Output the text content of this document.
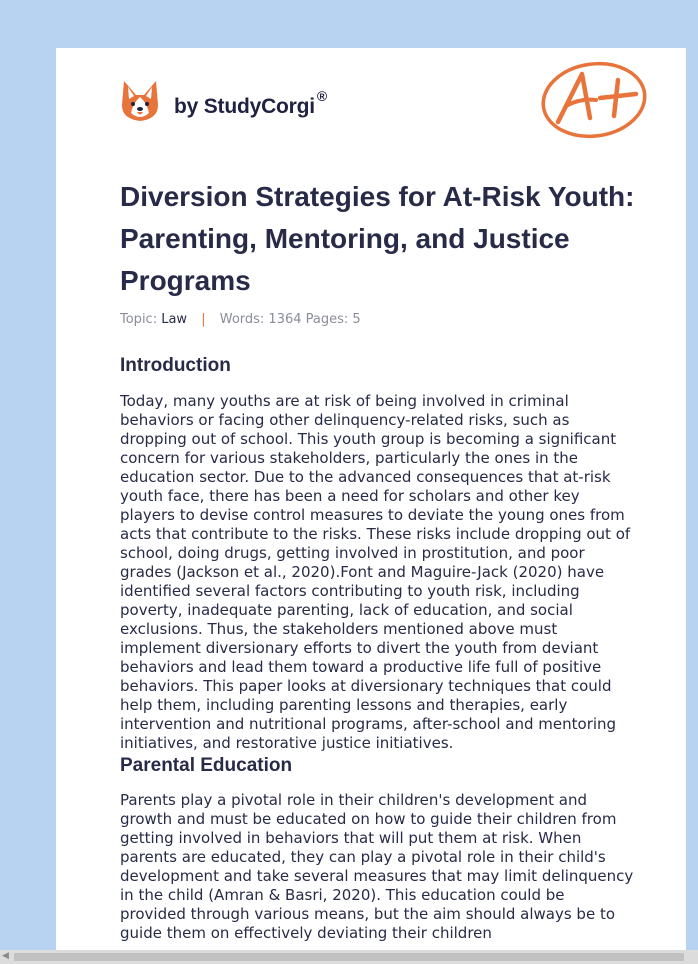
by StudyCorgi ®
Diversion Strategies for At-Risk Youth: Parenting, Mentoring, and Justice Programs
Topic: Law | Words: 1364 Pages: 5
Introduction

Today, many youths are at risk of being involved in criminal behaviors or facing other delinquency-related risks, such as dropping out of school. This youth group is becoming a significant concern for various stakeholders, particularly the ones in the education sector. Due to the advanced consequences that at-risk youth face, there has been a need for scholars and other key players to devise control measures to deviate the young ones from acts that contribute to the risks. These risks include dropping out of school, doing drugs, getting involved in prostitution, and poor grades (Jackson et al., 2020).Font and Maguire-Jack (2020) have identified several factors contributing to youth risk, including poverty, inadequate parenting, lack of education, and social exclusions. Thus, the stakeholders mentioned above must implement diversionary efforts to divert the youth from deviant behaviors and lead them toward a productive life full of positive behaviors. This paper looks at diversionary techniques that could help them, including parenting lessons and therapies, early intervention and nutritional programs, after-school and mentoring initiatives, and restorative justice initiatives.

Parental Education

Parents play a pivotal role in their children's development and growth and must be educated on how to guide their children from getting involved in behaviors that will put them at risk. When parents are educated, they can play a pivotal role in their child's development and take several measures that may limit delinquency in the child (Amran & Basri, 2020). This education could be provided through various means, but the aim should always be to guide them on effectively deviating their children

◀
